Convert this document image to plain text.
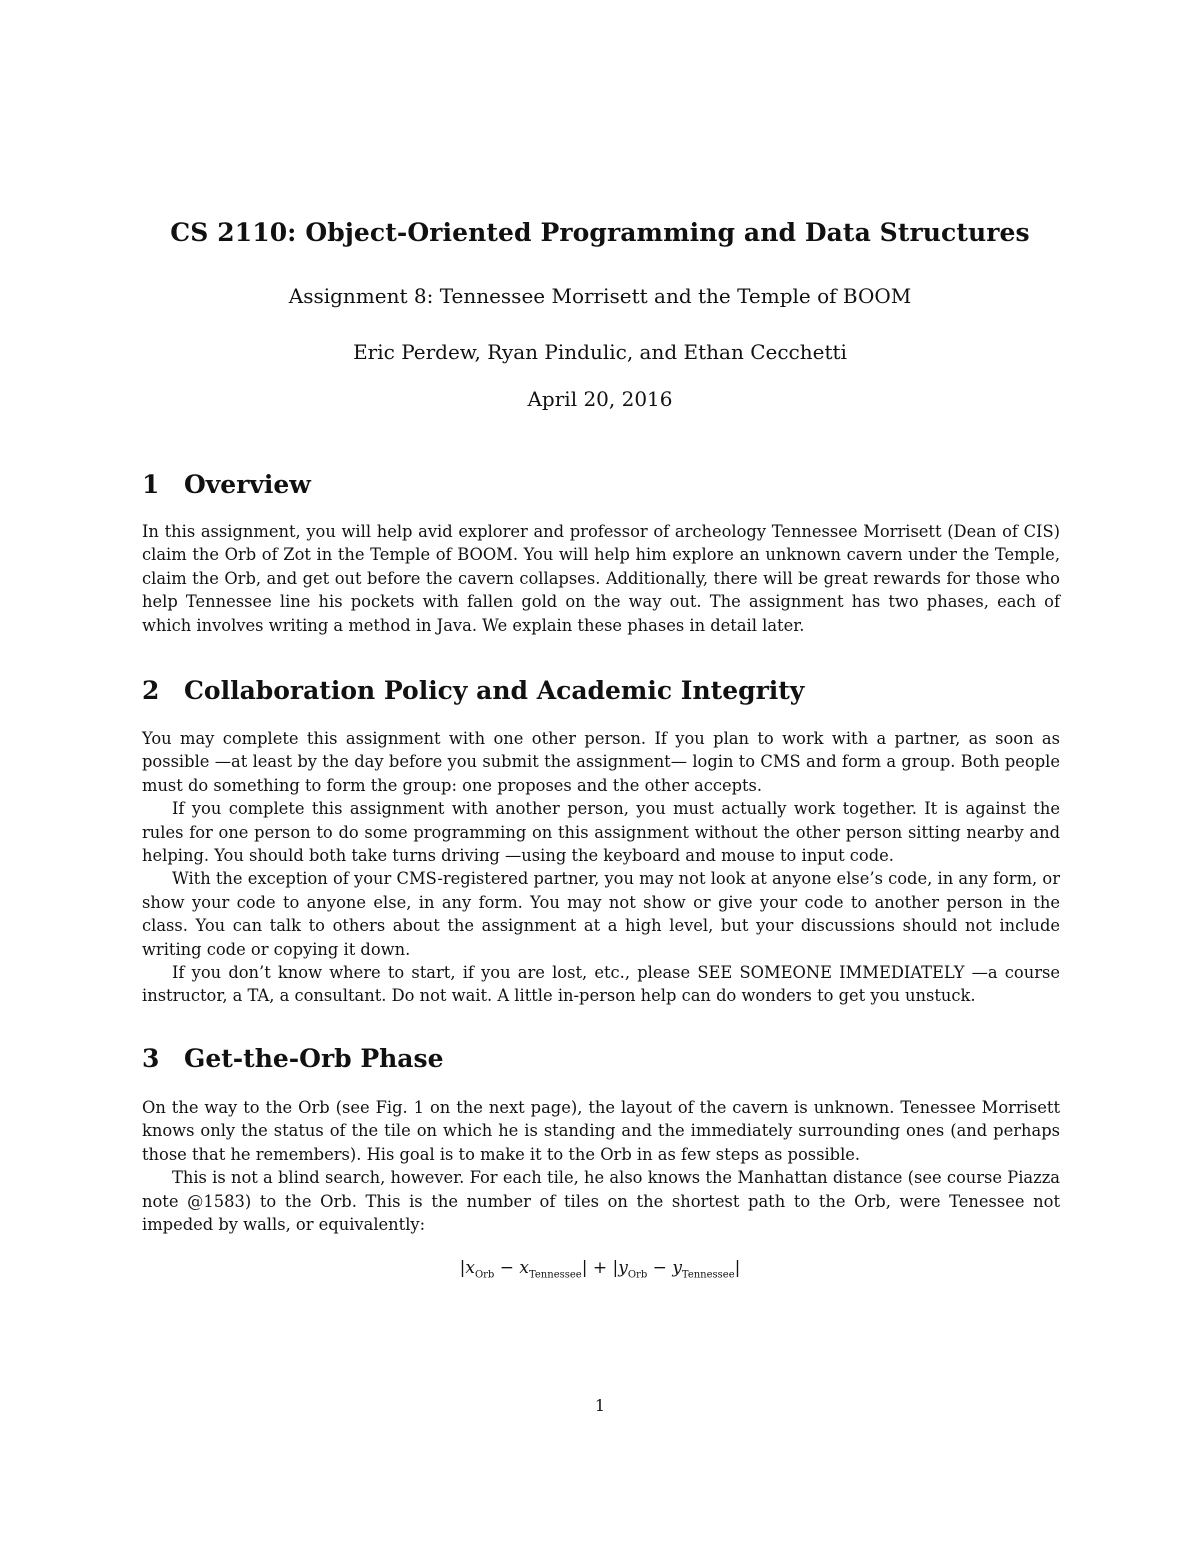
CS 2110: Object-Oriented Programming and Data Structures
Assignment 8: Tennessee Morrisett and the Temple of BOOM
Eric Perdew, Ryan Pindulic, and Ethan Cecchetti
April 20, 2016
1 Overview

In this assignment, you will help avid explorer and professor of archeology Tennessee Morrisett (Dean of CIS) claim the Orb of Zot in the Temple of BOOM. You will help him explore an unknown cavern under the Temple, claim the Orb, and get out before the cavern collapses. Additionally, there will be great rewards for those who help Tennessee line his pockets with fallen gold on the way out. The assignment has two phases, each of which involves writing a method in Java. We explain these phases in detail later.

2 Collaboration Policy and Academic Integrity

You may complete this assignment with one other person. If you plan to work with a partner, as soon as possible —at least by the day before you submit the assignment— login to CMS and form a group. Both people must do something to form the group: one proposes and the other accepts.

If you complete this assignment with another person, you must actually work together. It is against the rules for one person to do some programming on this assignment without the other person sitting nearby and helping. You should both take turns driving —using the keyboard and mouse to input code.

With the exception of your CMS-registered partner, you may not look at anyone else’s code, in any form, or show your code to anyone else, in any form. You may not show or give your code to another person in the class. You can talk to others about the assignment at a high level, but your discussions should not include writing code or copying it down.

If you don’t know where to start, if you are lost, etc., please SEE SOMEONE IMMEDIATELY —a course instructor, a TA, a consultant. Do not wait. A little in-person help can do wonders to get you unstuck.

3 Get-the-Orb Phase

On the way to the Orb (see Fig. 1 on the next page), the layout of the cavern is unknown. Tenessee Morrisett knows only the status of the tile on which he is standing and the immediately surrounding ones (and perhaps those that he remembers). His goal is to make it to the Orb in as few steps as possible.

This is not a blind search, however. For each tile, he also knows the Manhattan distance (see course Piazza note @1583) to the Orb. This is the number of tiles on the shortest path to the Orb, were Tenessee not impeded by walls, or equivalently:

$|x_{Orb} - x_{Tennessee}| + |y_{Orb} - y_{Tennessee}|$
1
